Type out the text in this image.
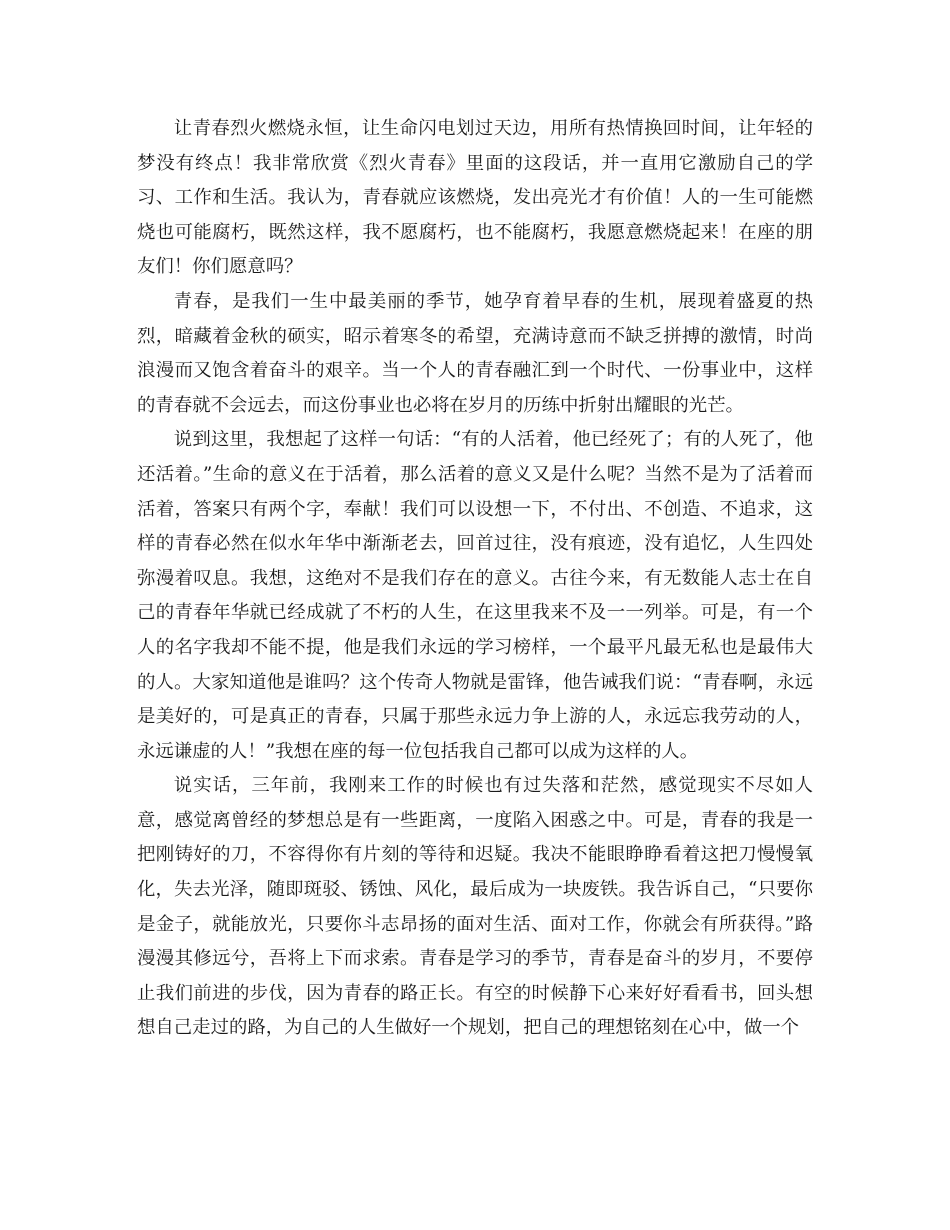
让青春烈火燃烧永恒，让生命闪电划过天边，用所有热情换回时间，让年轻的梦没有终点！我非常欣赏《烈火青春》里面的这段话，并一直用它激励自己的学习、工作和生活。我认为，青春就应该燃烧，发出亮光才有价值！人的一生可能燃烧也可能腐朽，既然这样，我不愿腐朽，也不能腐朽，我愿意燃烧起来！在座的朋友们！你们愿意吗？

青春，是我们一生中最美丽的季节，她孕育着早春的生机，展现着盛夏的热烈，暗藏着金秋的硕实，昭示着寒冬的希望，充满诗意而不缺乏拼搏的激情，时尚浪漫而又饱含着奋斗的艰辛。当一个人的青春融汇到一个时代、一份事业中，这样的青春就不会远去，而这份事业也必将在岁月的历练中折射出耀眼的光芒。

说到这里，我想起了这样一句话：“有的人活着，他已经死了；有的人死了，他还活着。”生命的意义在于活着，那么活着的意义又是什么呢？当然不是为了活着而活着，答案只有两个字，奉献！我们可以设想一下，不付出、不创造、不追求，这样的青春必然在似水年华中渐渐老去，回首过往，没有痕迹，没有追忆，人生四处弥漫着叹息。我想，这绝对不是我们存在的意义。古往今来，有无数能人志士在自己的青春年华就已经成就了不朽的人生，在这里我来不及一一列举。可是，有一个人的名字我却不能不提，他是我们永远的学习榜样，一个最平凡最无私也是最伟大的人。大家知道他是谁吗？这个传奇人物就是雷锋，他告诫我们说：“青春啊，永远是美好的，可是真正的青春，只属于那些永远力争上游的人，永远忘我劳动的人，永远谦虚的人！”我想在座的每一位包括我自己都可以成为这样的人。

说实话，三年前，我刚来工作的时候也有过失落和茫然，感觉现实不尽如人意，感觉离曾经的梦想总是有一些距离，一度陷入困惑之中。可是，青春的我是一把刚铸好的刀，不容得你有片刻的等待和迟疑。我决不能眼睁睁看着这把刀慢慢氧化，失去光泽，随即斑驳、锈蚀、风化，最后成为一块废铁。我告诉自己，“只要你是金子，就能放光，只要你斗志昂扬的面对生活、面对工作，你就会有所获得。”路漫漫其修远兮，吾将上下而求索。青春是学习的季节，青春是奋斗的岁月，不要停止我们前进的步伐，因为青春的路正长。有空的时候静下心来好好看看书，回头想想自己走过的路，为自己的人生做好一个规划，把自己的理想铭刻在心中，做一个
